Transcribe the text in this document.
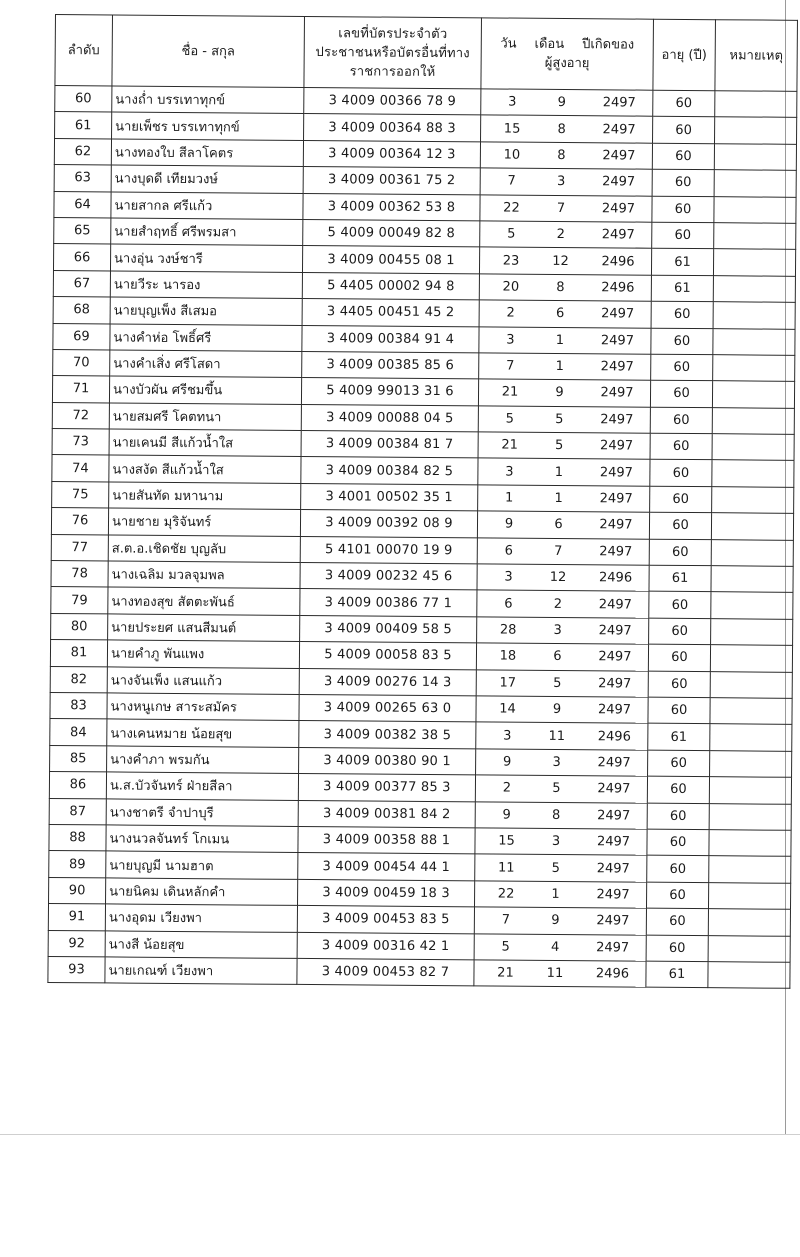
ลำดับ	ชื่อ - สกุล	เลขที่บัตรประจำตัว
ประชาชนหรือบัตรอื่นที่ทาง
ราชการออกให้	วัน เดือน ปีเกิดของ
ผู้สูงอายุ	อายุ (ปี)	หมายเหตุ
60	นางถ่ำ บรรเทาทุกข์	3 4009 00366 78 9	3 9 2497	60	
61	นายเพ็ชร บรรเทาทุกข์	3 4009 00364 88 3	15 8 2497	60	
62	นางทองใบ สีลาโคตร	3 4009 00364 12 3	10 8 2497	60	
63	นางบุดดี เทียมวงษ์	3 4009 00361 75 2	7 3 2497	60	
64	นายสากล ศรีแก้ว	3 4009 00362 53 8	22 7 2497	60	
65	นายสำฤทธิ์ ศรีพรมสา	5 4009 00049 82 8	5 2 2497	60	
66	นางอุ่น วงษ์ชารี	3 4009 00455 08 1	23 12 2496	61	
67	นายวีระ นารอง	5 4405 00002 94 8	20 8 2496	61	
68	นายบุญเพ็ง สีเสมอ	3 4405 00451 45 2	2 6 2497	60	
69	นางคำห่อ โพธิ์ศรี	3 4009 00384 91 4	3 1 2497	60	
70	นางคำเสิ่ง ศรีโสดา	3 4009 00385 85 6	7 1 2497	60	
71	นางบัวผัน ศรีชมขึ้น	5 4009 99013 31 6	21 9 2497	60	
72	นายสมศรี โคตทนา	3 4009 00088 04 5	5 5 2497	60	
73	นายเคนมี สีแก้วน้ำใส	3 4009 00384 81 7	21 5 2497	60	
74	นางสงัด สีแก้วน้ำใส	3 4009 00384 82 5	3 1 2497	60	
75	นายสันทัด มหานาม	3 4001 00502 35 1	1 1 2497	60	
76	นายชาย มุริจันทร์	3 4009 00392 08 9	9 6 2497	60	
77	ส.ต.อ.เชิดชัย บุญลับ	5 4101 00070 19 9	6 7 2497	60	
78	นางเฉลิม มวลจุมพล	3 4009 00232 45 6	3 12 2496	61	
79	นางทองสุข สัตตะพันธ์	3 4009 00386 77 1	6 2 2497	60	
80	นายประยศ แสนสีมนต์	3 4009 00409 58 5	28 3 2497	60	
81	นายคำภู พันแพง	5 4009 00058 83 5	18 6 2497	60	
82	นางจันเพ็ง แสนแก้ว	3 4009 00276 14 3	17 5 2497	60	
83	นางหนูเกษ สาระสมัคร	3 4009 00265 63 0	14 9 2497	60	
84	นางเคนหมาย น้อยสุข	3 4009 00382 38 5	3 11 2496	61	
85	นางคำภา พรมกัน	3 4009 00380 90 1	9 3 2497	60	
86	น.ส.บัวจันทร์ ฝ่ายสีลา	3 4009 00377 85 3	2 5 2497	60	
87	นางชาตรี จำปาบุรี	3 4009 00381 84 2	9 8 2497	60	
88	นางนวลจันทร์ โกเมน	3 4009 00358 88 1	15 3 2497	60	
89	นายบุญมี นามฮาต	3 4009 00454 44 1	11 5 2497	60	
90	นายนิคม เดินหลักคำ	3 4009 00459 18 3	22 1 2497	60	
91	นางอุดม เวียงพา	3 4009 00453 83 5	7 9 2497	60	
92	นางสี น้อยสุข	3 4009 00316 42 1	5 4 2497	60	
93	นายเกณฑ์ เวียงพา	3 4009 00453 82 7	21 11 2496	61	
